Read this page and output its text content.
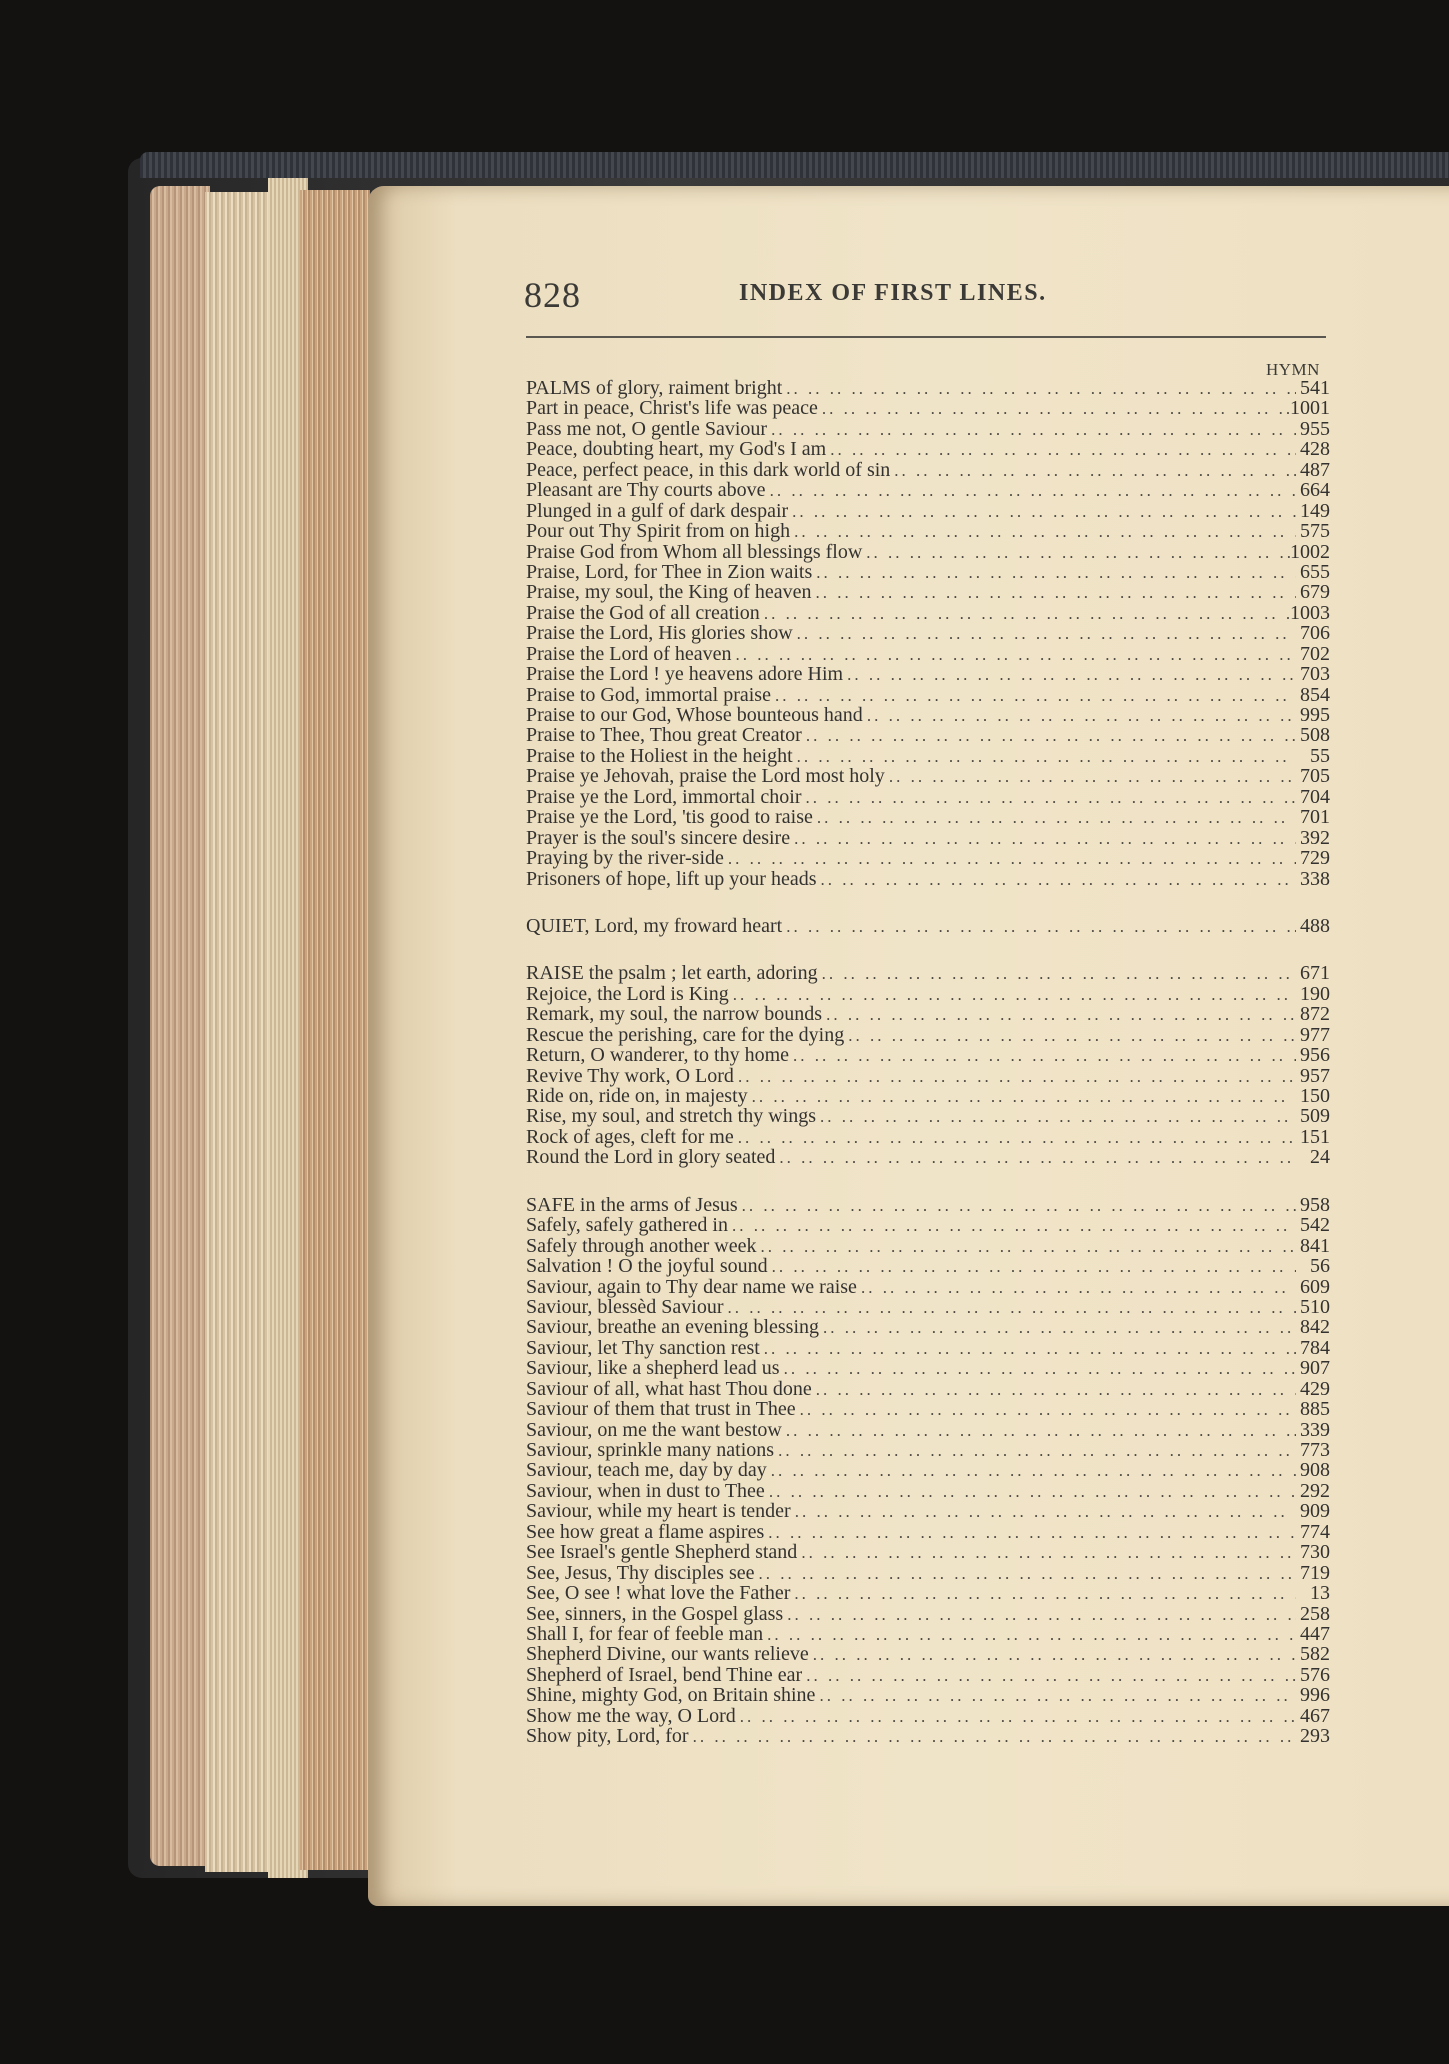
828	INDEX OF FIRST LINES.
HYMN
PALMS of glory, raiment bright .. ..	541
Part in peace, Christ's life was peace .. ..	1001
Pass me not, O gentle Saviour .. ..	955
Peace, doubting heart, my God's I am .. ..	428
Peace, perfect peace, in this dark world of sin .. ..	487
Pleasant are Thy courts above .. ..	664
Plunged in a gulf of dark despair .. ..	149
Pour out Thy Spirit from on high .. ..	575
Praise God from Whom all blessings flow .. ..	1002
Praise, Lord, for Thee in Zion waits .. ..	655
Praise, my soul, the King of heaven .. ..	679
Praise the God of all creation .. ..	1003
Praise the Lord, His glories show .. ..	706
Praise the Lord of heaven .. ..	702
Praise the Lord ! ye heavens adore Him .. ..	703
Praise to God, immortal praise .. ..	854
Praise to our God, Whose bounteous hand .. ..	995
Praise to Thee, Thou great Creator .. ..	508
Praise to the Holiest in the height .. ..	55
Praise ye Jehovah, praise the Lord most holy .. ..	705
Praise ye the Lord, immortal choir .. ..	704
Praise ye the Lord, 'tis good to raise .. ..	701
Prayer is the soul's sincere desire .. ..	392
Praying by the river-side .. ..	729
Prisoners of hope, lift up your heads .. ..	338
QUIET, Lord, my froward heart .. ..	488
RAISE the psalm ; let earth, adoring .. ..	671
Rejoice, the Lord is King .. ..	190
Remark, my soul, the narrow bounds .. ..	872
Rescue the perishing, care for the dying .. ..	977
Return, O wanderer, to thy home .. ..	956
Revive Thy work, O Lord .. ..	957
Ride on, ride on, in majesty .. ..	150
Rise, my soul, and stretch thy wings .. ..	509
Rock of ages, cleft for me .. ..	151
Round the Lord in glory seated .. ..	24
SAFE in the arms of Jesus .. ..	958
Safely, safely gathered in .. ..	542
Safely through another week .. ..	841
Salvation ! O the joyful sound .. ..	56
Saviour, again to Thy dear name we raise .. ..	609
Saviour, blessèd Saviour .. ..	510
Saviour, breathe an evening blessing .. ..	842
Saviour, let Thy sanction rest .. ..	784
Saviour, like a shepherd lead us .. ..	907
Saviour of all, what hast Thou done .. ..	429
Saviour of them that trust in Thee .. ..	885
Saviour, on me the want bestow .. ..	339
Saviour, sprinkle many nations .. ..	773
Saviour, teach me, day by day .. ..	908
Saviour, when in dust to Thee .. ..	292
Saviour, while my heart is tender .. ..	909
See how great a flame aspires .. ..	774
See Israel's gentle Shepherd stand .. ..	730
See, Jesus, Thy disciples see .. ..	719
See, O see ! what love the Father .. ..	13
See, sinners, in the Gospel glass .. ..	258
Shall I, for fear of feeble man .. ..	447
Shepherd Divine, our wants relieve .. ..	582
Shepherd of Israel, bend Thine ear .. ..	576
Shine, mighty God, on Britain shine .. ..	996
Show me the way, O Lord .. ..	467
Show pity, Lord, for .. ..	293
